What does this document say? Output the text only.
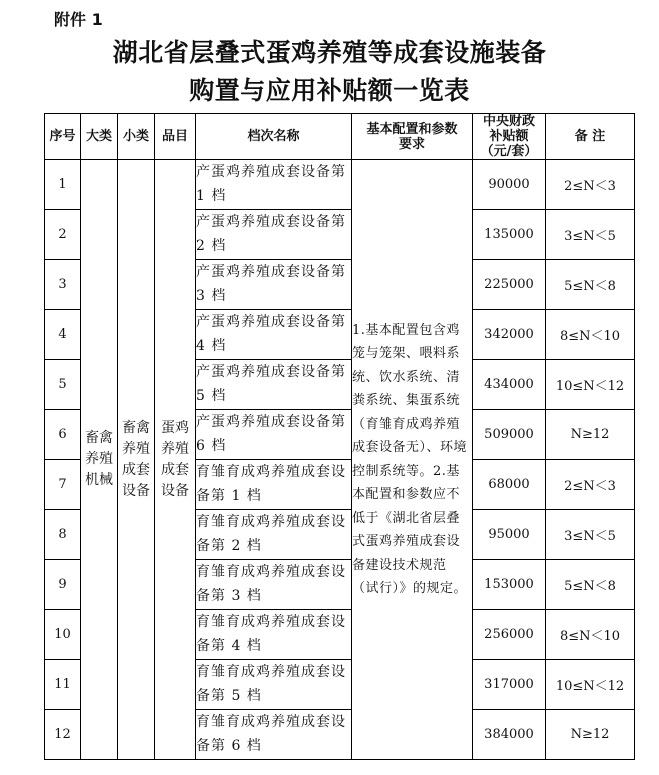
附件 1
湖北省层叠式蛋鸡养殖等成套设施装备
购置与应用补贴额一览表
序号	大类	小类	品目	档次名称	基本配置和参数要求	中央财政补贴额（元/套）	备 注
1	畜禽养殖机械	畜禽养殖成套设备	蛋鸡养殖成套设备	产蛋鸡养殖成套设备第 1 档	1.基本配置包含鸡笼与笼架、喂料系统、饮水系统、清粪系统、集蛋系统（育雏育成鸡养殖成套设备无）、环境控制系统等。2.基本配置和参数应不低于《湖北省层叠式蛋鸡养殖成套设备建设技术规范（试行）》的规定。	90000	2≤N＜3
2				产蛋鸡养殖成套设备第 2 档		135000	3≤N＜5
3				产蛋鸡养殖成套设备第 3 档		225000	5≤N＜8
4				产蛋鸡养殖成套设备第 4 档		342000	8≤N＜10
5				产蛋鸡养殖成套设备第 5 档		434000	10≤N＜12
6				产蛋鸡养殖成套设备第 6 档		509000	N≥12
7				育雏育成鸡养殖成套设备第 1 档		68000	2≤N＜3
8				育雏育成鸡养殖成套设备第 2 档		95000	3≤N＜5
9				育雏育成鸡养殖成套设备第 3 档		153000	5≤N＜8
10				育雏育成鸡养殖成套设备第 4 档		256000	8≤N＜10
11				育雏育成鸡养殖成套设备第 5 档		317000	10≤N＜12
12				育雏育成鸡养殖成套设备第 6 档		384000	N≥12
